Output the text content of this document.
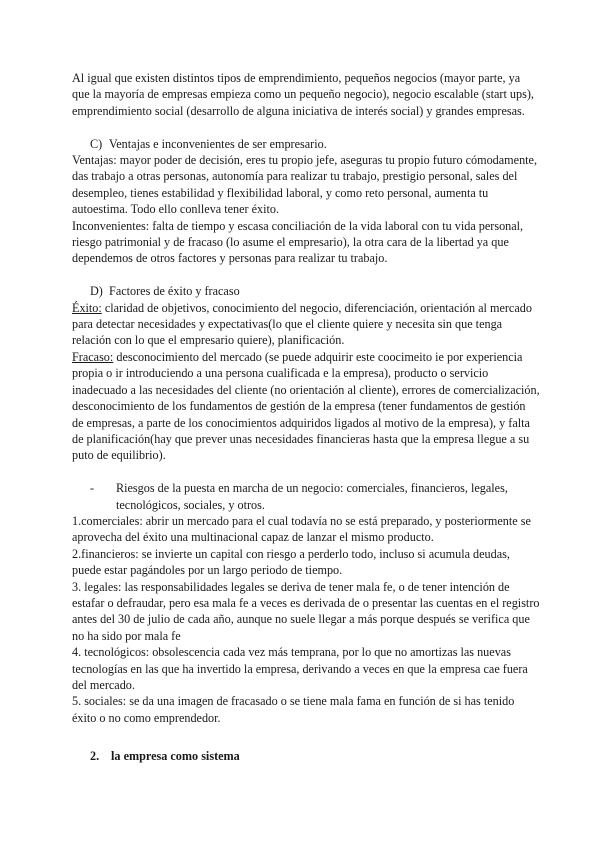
Al igual que existen distintos tipos de emprendimiento, pequeños negocios (mayor parte, ya que la mayoría de empresas empieza como un pequeño negocio), negocio escalable (start ups), emprendimiento social (desarrollo de alguna iniciativa de interés social) y grandes empresas.

C) Ventajas e inconvenientes de ser empresario.

Ventajas: mayor poder de decisión, eres tu propio jefe, aseguras tu propio futuro cómodamente, das trabajo a otras personas, autonomía para realizar tu trabajo, prestigio personal, sales del desempleo, tienes estabilidad y flexibilidad laboral, y como reto personal, aumenta tu autoestima. Todo ello conlleva tener éxito.

Inconvenientes: falta de tiempo y escasa conciliación de la vida laboral con tu vida personal, riesgo patrimonial y de fracaso (lo asume el empresario), la otra cara de la libertad ya que dependemos de otros factores y personas para realizar tu trabajo.

D) Factores de éxito y fracaso

Éxito: claridad de objetivos, conocimiento del negocio, diferenciación, orientación al mercado para detectar necesidades y expectativas(lo que el cliente quiere y necesita sin que tenga relación con lo que el empresario quiere), planificación.

Fracaso: desconocimiento del mercado (se puede adquirir este coocimeito ie por experiencia propia o ir introduciendo a una persona cualificada e la empresa), producto o servicio inadecuado a las necesidades del cliente (no orientación al cliente), errores de comercialización, desconocimiento de los fundamentos de gestión de la empresa (tener fundamentos de gestión de empresas, a parte de los conocimientos adquiridos ligados al motivo de la empresa), y falta de planificación(hay que prever unas necesidades financieras hasta que la empresa llegue a su puto de equilibrio).

-	Riesgos de la puesta en marcha de un negocio: comerciales, financieros, legales, tecnológicos, sociales, y otros.

1.comerciales: abrir un mercado para el cual todavía no se está preparado, y posteriormente se aprovecha del éxito una multinacional capaz de lanzar el mismo producto.

2.financieros: se invierte un capital con riesgo a perderlo todo, incluso si acumula deudas, puede estar pagándoles por un largo periodo de tiempo.

3. legales: las responsabilidades legales se deriva de tener mala fe, o de tener intención de estafar o defraudar, pero esa mala fe a veces es derivada de o presentar las cuentas en el registro antes del 30 de julio de cada año, aunque no suele llegar a más porque después se verifica que no ha sido por mala fe

4. tecnológicos: obsolescencia cada vez más temprana, por lo que no amortizas las nuevas tecnologías en las que ha invertido la empresa, derivando a veces en que la empresa cae fuera del mercado.

5. sociales: se da una imagen de fracasado o se tiene mala fama en función de si has tenido éxito o no como emprendedor.

2. la empresa como sistema
